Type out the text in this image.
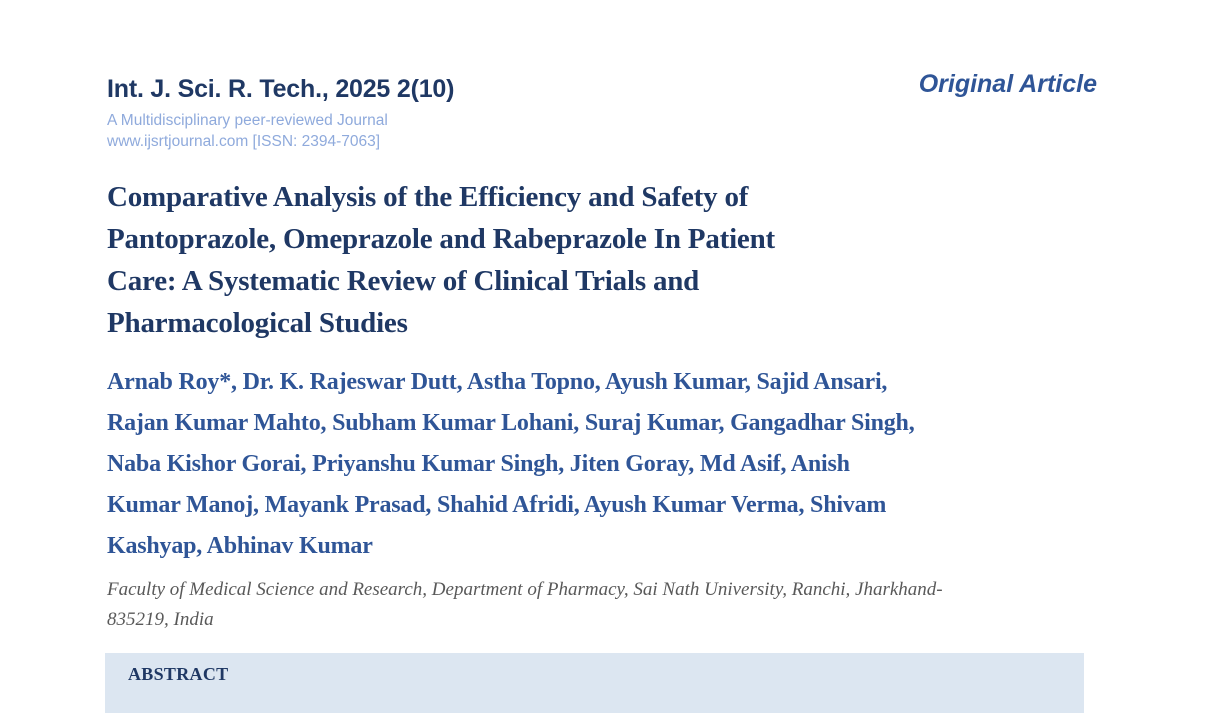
Int. J. Sci. R. Tech., 2025 2(10)
A Multidisciplinary peer-reviewed Journal
www.ijsrtjournal.com [ISSN: 2394-7063]
Original Article
Comparative Analysis of the Efficiency and Safety of
Pantoprazole, Omeprazole and Rabeprazole In Patient
Care: A Systematic Review of Clinical Trials and
Pharmacological Studies

Arnab Roy*, Dr. K. Rajeswar Dutt, Astha Topno, Ayush Kumar, Sajid Ansari,
Rajan Kumar Mahto, Subham Kumar Lohani, Suraj Kumar, Gangadhar Singh,
Naba Kishor Gorai, Priyanshu Kumar Singh, Jiten Goray, Md Asif, Anish
Kumar Manoj, Mayank Prasad, Shahid Afridi, Ayush Kumar Verma, Shivam
Kashyap, Abhinav Kumar

Faculty of Medical Science and Research, Department of Pharmacy, Sai Nath University, Ranchi, Jharkhand-
835219, India

ABSTRACT
